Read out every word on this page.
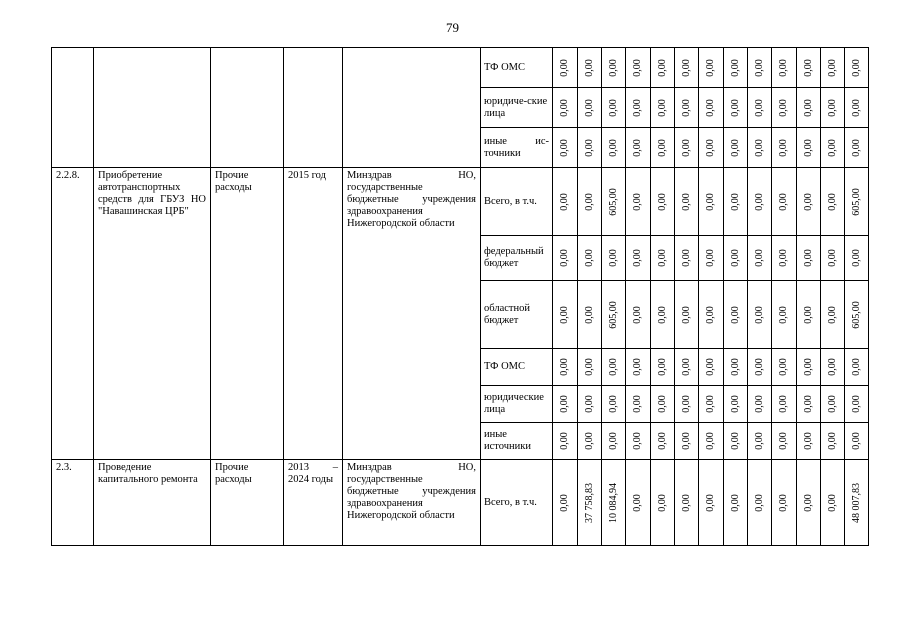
79
					ТФ ОМС	0,00	0,00	0,00	0,00	0,00	0,00	0,00	0,00	0,00	0,00	0,00	0,00	0,00

					юридиче-ские лица	0,00	0,00	0,00	0,00	0,00	0,00	0,00	0,00	0,00	0,00	0,00	0,00	0,00

					иные ис-точники	0,00	0,00	0,00	0,00	0,00	0,00	0,00	0,00	0,00	0,00	0,00	0,00	0,00

2.2.8.	Приобретение автотранспортных средств для ГБУЗ НО "Навашинская ЦРБ"	Прочие расходы	2015 год	Минздрав НО, государственные бюджетные учреждения здравоохранения Нижегородской области	Всего, в т.ч.	0,00	0,00	605,00	0,00	0,00	0,00	0,00	0,00	0,00	0,00	0,00	0,00	605,00

					федеральный бюджет	0,00	0,00	0,00	0,00	0,00	0,00	0,00	0,00	0,00	0,00	0,00	0,00	0,00

					областной бюджет	0,00	0,00	605,00	0,00	0,00	0,00	0,00	0,00	0,00	0,00	0,00	0,00	605,00

					ТФ ОМС	0,00	0,00	0,00	0,00	0,00	0,00	0,00	0,00	0,00	0,00	0,00	0,00	0,00

					юридические лица	0,00	0,00	0,00	0,00	0,00	0,00	0,00	0,00	0,00	0,00	0,00	0,00	0,00

					иные источники	0,00	0,00	0,00	0,00	0,00	0,00	0,00	0,00	0,00	0,00	0,00	0,00	0,00

2.3.	Проведение капитального ремонта	Прочие расходы	2013 – 2024 годы	Минздрав НО, государственные бюджетные учреждения здравоохранения Нижегородской области	Всего, в т.ч.	0,00	37 758,83	10 084,94	0,00	0,00	0,00	0,00	0,00	0,00	0,00	0,00	0,00	48 007,83
